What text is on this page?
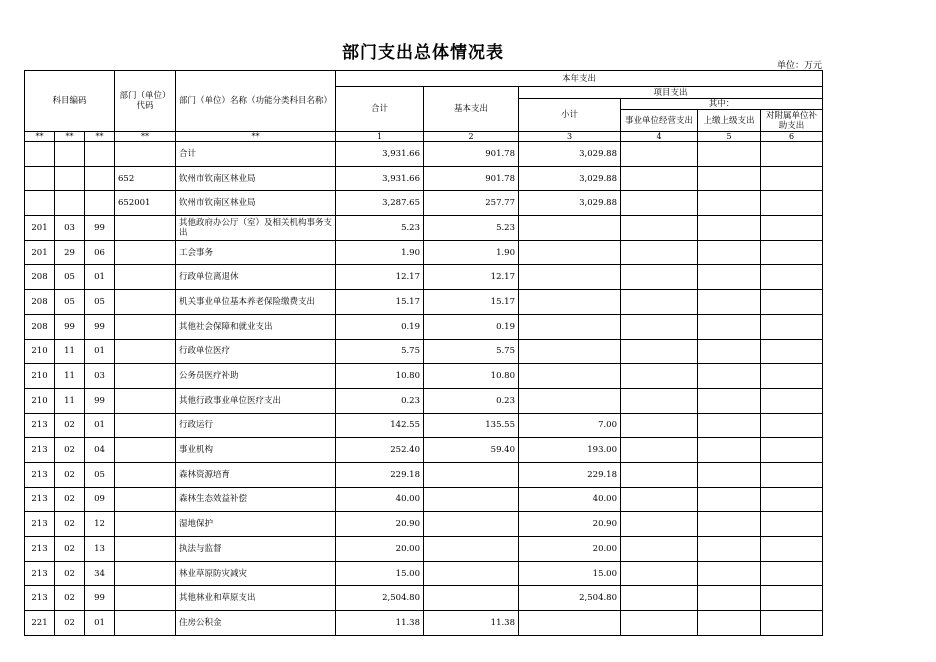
部门支出总体情况表
单位：万元
科目编码			部门（单位）代码	部门（单位）名称（功能分类科目名称）	本年支出					
					合计	基本支出	项目支出			
							小计	其中：		
								事业单位经营支出	上缴上级支出	对附属单位补助支出
**	**	**	**	**	1	2	3	4	5	6
				合计	3,931.66	901.78	3,029.88			
			652	钦州市钦南区林业局	3,931.66	901.78	3,029.88			
			652001	钦州市钦南区林业局	3,287.65	257.77	3,029.88			
201	03	99		其他政府办公厅（室）及相关机构事务支出	5.23	5.23				
201	29	06		工会事务	1.90	1.90				
208	05	01		行政单位离退休	12.17	12.17				
208	05	05		机关事业单位基本养老保险缴费支出	15.17	15.17				
208	99	99		其他社会保障和就业支出	0.19	0.19				
210	11	01		行政单位医疗	5.75	5.75				
210	11	03		公务员医疗补助	10.80	10.80				
210	11	99		其他行政事业单位医疗支出	0.23	0.23				
213	02	01		行政运行	142.55	135.55	7.00			
213	02	04		事业机构	252.40	59.40	193.00			
213	02	05		森林资源培育	229.18		229.18			
213	02	09		森林生态效益补偿	40.00		40.00			
213	02	12		湿地保护	20.90		20.90			
213	02	13		执法与监督	20.00		20.00			
213	02	34		林业草原防灾减灾	15.00		15.00			
213	02	99		其他林业和草原支出	2,504.80		2,504.80			
221	02	01		住房公积金	11.38	11.38				
